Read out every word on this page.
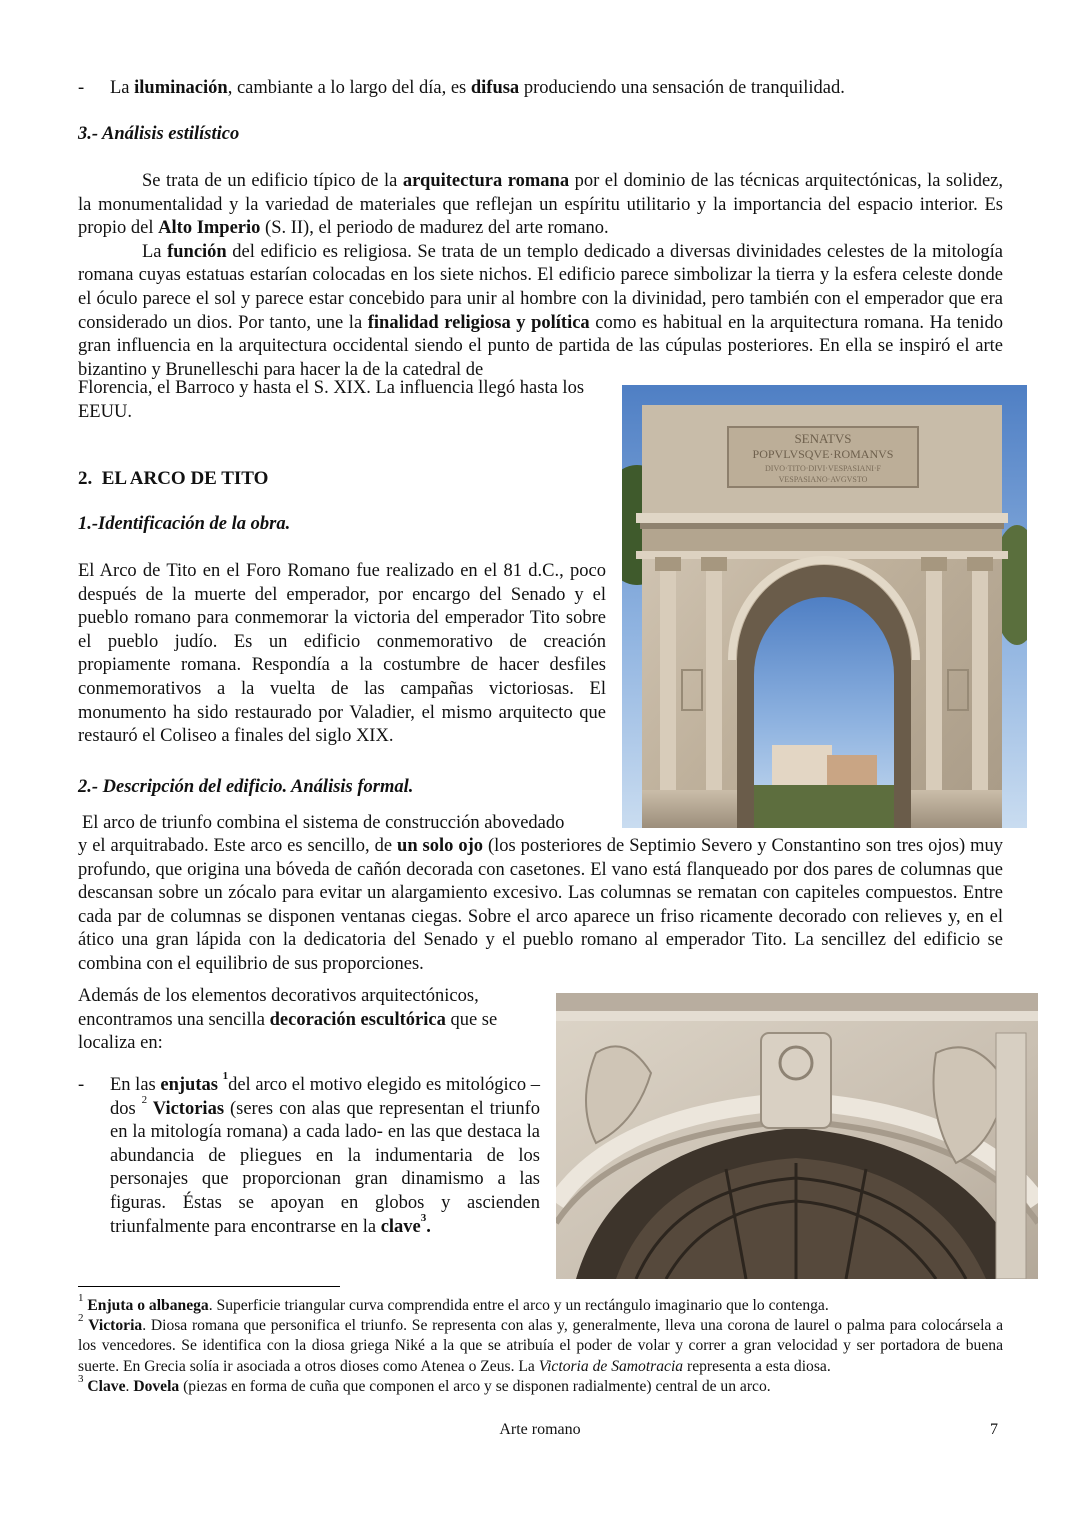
-	La iluminación, cambiante a lo largo del día, es difusa produciendo una sensación de tranquilidad.
3.- Análisis estilístico

Se trata de un edificio típico de la arquitectura romana por el dominio de las técnicas arquitectónicas, la solidez, la monumentalidad y la variedad de materiales que reflejan un espíritu utilitario y la importancia del espacio interior. Es propio del Alto Imperio (S. II), el periodo de madurez del arte romano.

La función del edificio es religiosa. Se trata de un templo dedicado a diversas divinidades celestes de la mitología romana cuyas estatuas estarían colocadas en los siete nichos. El edificio parece simbolizar la tierra y la esfera celeste donde el óculo parece el sol y parece estar concebido para unir al hombre con la divinidad, pero también con el emperador que era considerado un dios. Por tanto, une la finalidad religiosa y política como es habitual en la arquitectura romana. Ha tenido gran influencia en la arquitectura occidental siendo el punto de partida de las cúpulas posteriores. En ella se inspiró el arte bizantino y Brunelleschi para hacer la de la catedral de

Florencia, el Barroco y hasta el S. XIX. La influencia llegó hasta los EEUU.
SENATVS
POPVLVSQVE·ROMANVS
DIVO·TITO·DIVI·VESPASIANI·F
VESPASIANO·AVGVSTO
2.  EL ARCO DE TITO
1.-Identificación de la obra.
El Arco de Tito en el Foro Romano fue realizado en el 81 d.C., poco después de la muerte del emperador, por encargo del Senado y el pueblo romano para conmemorar la victoria del emperador Tito sobre el pueblo judío. Es un edificio conmemorativo de creación propiamente romana. Respondía a la costumbre de hacer desfiles conmemorativos a la vuelta de las campañas victoriosas. El monumento ha sido restaurado por Valadier, el mismo arquitecto que restauró el Coliseo a finales del siglo XIX.
2.- Descripción del edificio. Análisis formal.
El arco de triunfo combina el sistema de construcción abovedado
y el arquitrabado. Este arco es sencillo, de un solo ojo (los posteriores de Septimio Severo y Constantino son tres ojos) muy profundo, que origina una bóveda de cañón decorada con casetones. El vano está flanqueado por dos pares de columnas que descansan sobre un zócalo para evitar un alargamiento excesivo. Las columnas se rematan con capiteles compuestos. Entre cada par de columnas se disponen ventanas ciegas. Sobre el arco aparece un friso ricamente decorado con relieves y, en el ático una gran lápida con la dedicatoria del Senado y el pueblo romano al emperador Tito. La sencillez del edificio se combina con el equilibrio de sus proporciones.
Además de los elementos decorativos arquitectónicos, encontramos una sencilla decoración escultórica que se localiza en:
-	En las enjutas $^1$del arco el motivo elegido es mitológico – dos $^2$ Victorias (seres con alas que representan el triunfo en la mitología romana) a cada lado- en las que destaca la abundancia de pliegues en la indumentaria de los personajes que proporcionan gran dinamismo a las figuras. Éstas se apoyan en globos y ascienden triunfalmente para encontrarse en la clave$^3$.

$^1$ Enjuta o albanega. Superficie triangular curva comprendida entre el arco y un rectángulo imaginario que lo contenga.

$^2$ Victoria. Diosa romana que personifica el triunfo. Se representa con alas y, generalmente, lleva una corona de laurel o palma para colocársela a los vencedores. Se identifica con la diosa griega Niké a la que se atribuía el poder de volar y correr a gran velocidad y ser portadora de buena suerte. En Grecia solía ir asociada a otros dioses como Atenea o Zeus. La Victoria de Samotracia representa a esta diosa.

$^3$ Clave. Dovela (piezas en forma de cuña que componen el arco y se disponen radialmente) central de un arco.

Arte romano	7
